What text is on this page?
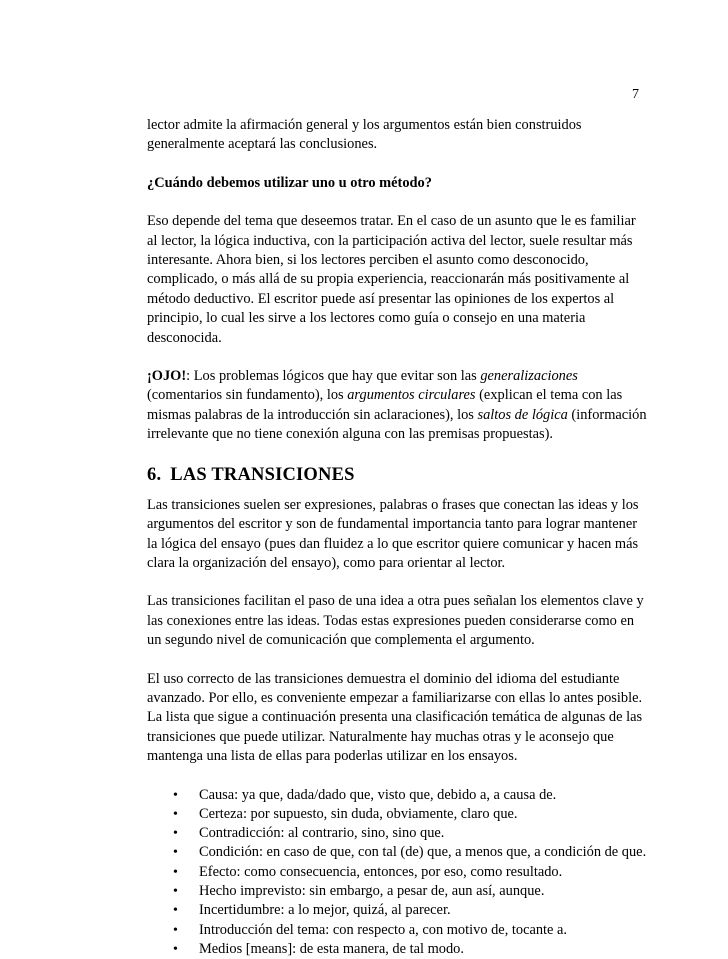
7

lector admite la afirmación general y los argumentos están bien construidos generalmente aceptará las conclusiones.

¿Cuándo debemos utilizar uno u otro método?

Eso depende del tema que deseemos tratar. En el caso de un asunto que le es familiar al lector, la lógica inductiva, con la participación activa del lector, suele resultar más interesante. Ahora bien, si los lectores perciben el asunto como desconocido, complicado, o más allá de su propia experiencia, reaccionarán más positivamente al método deductivo. El escritor puede así presentar las opiniones de los expertos al principio, lo cual les sirve a los lectores como guía o consejo en una materia desconocida.

¡OJO!: Los problemas lógicos que hay que evitar son las generalizaciones (comentarios sin fundamento), los argumentos circulares (explican el tema con las mismas palabras de la introducción sin aclaraciones), los saltos de lógica (información irrelevante que no tiene conexión alguna con las premisas propuestas).

6. LAS TRANSICIONES

Las transiciones suelen ser expresiones, palabras o frases que conectan las ideas y los argumentos del escritor y son de fundamental importancia tanto para lograr mantener la lógica del ensayo (pues dan fluidez a lo que escritor quiere comunicar y hacen más clara la organización del ensayo), como para orientar al lector.

Las transiciones facilitan el paso de una idea a otra pues señalan los elementos clave y las conexiones entre las ideas. Todas estas expresiones pueden considerarse como en un segundo nivel de comunicación que complementa el argumento.

El uso correcto de las transiciones demuestra el dominio del idioma del estudiante avanzado. Por ello, es conveniente empezar a familiarizarse con ellas lo antes posible. La lista que sigue a continuación presenta una clasificación temática de algunas de las transiciones que puede utilizar. Naturalmente hay muchas otras y le aconsejo que mantenga una lista de ellas para poderlas utilizar en los ensayos.

• Causa: ya que, dada/dado que, visto que, debido a, a causa de.
• Certeza: por supuesto, sin duda, obviamente, claro que.
• Contradicción: al contrario, sino, sino que.
• Condición: en caso de que, con tal (de) que, a menos que, a condición de que.
• Efecto: como consecuencia, entonces, por eso, como resultado.
• Hecho imprevisto: sin embargo, a pesar de, aun así, aunque.
• Incertidumbre: a lo mejor, quizá, al parecer.
• Introducción del tema: con respecto a, con motivo de, tocante a.
• Medios [means]: de esta manera, de tal modo.
